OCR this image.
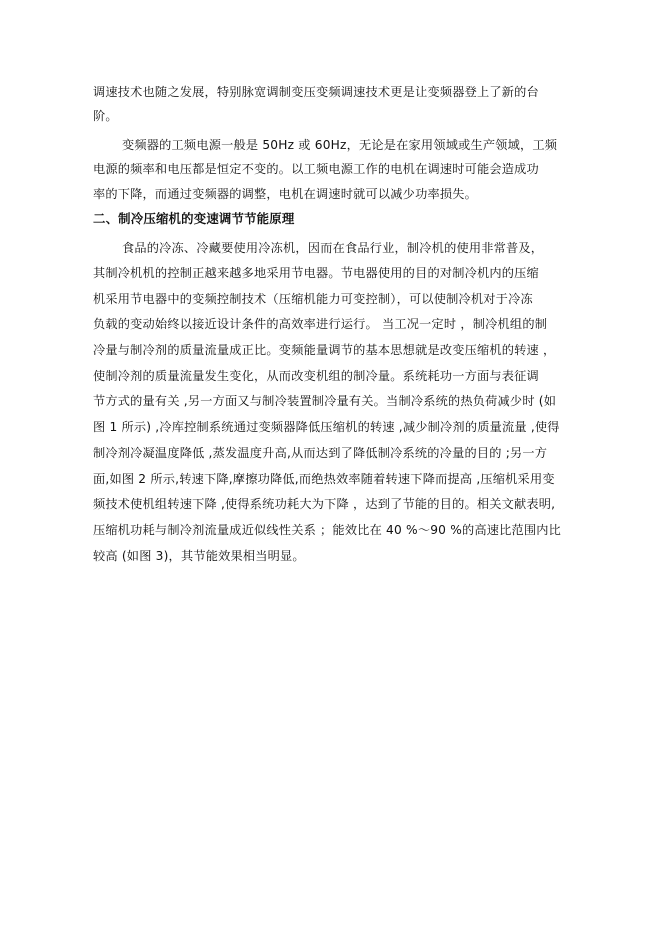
调速技术也随之发展，特别脉宽调制变压变频调速技术更是让变频器登上了新的台
阶。
变频器的工频电源一般是 50Hz 或 60Hz，无论是在家用领域或生产领域，工频
电源的频率和电压都是恒定不变的。以工频电源工作的电机在调速时可能会造成功
率的下降，而通过变频器的调整，电机在调速时就可以减少功率损失。
二、制冷压缩机的变速调节节能原理
食品的冷冻、冷藏要使用冷冻机，因而在食品行业，制冷机的使用非常普及，
其制冷机机的控制正越来越多地采用节电器。节电器使用的目的对制冷机内的压缩
机采用节电器中的变频控制技术（压缩机能力可变控制），可以使制冷机对于冷冻
负载的变动始终以接近设计条件的高效率进行运行。 当工况一定时 ，制冷机组的制
冷量与制冷剂的质量流量成正比。变频能量调节的基本思想就是改变压缩机的转速 ，
使制冷剂的质量流量发生变化，从而改变机组的制冷量。系统耗功一方面与表征调
节方式的量有关 ,另一方面又与制冷装置制冷量有关。当制冷系统的热负荷减少时 (如
图 1 所示) ,冷库控制系统通过变频器降低压缩机的转速 ,减少制冷剂的质量流量 ,使得
制冷剂冷凝温度降低 ,蒸发温度升高,从而达到了降低制冷系统的冷量的目的 ;另一方
面,如图 2 所示,转速下降,摩擦功降低,而绝热效率随着转速下降而提高 ,压缩机采用变
频技术使机组转速下降 ,使得系统功耗大为下降 ，达到了节能的目的。相关文献表明,
压缩机功耗与制冷剂流量成近似线性关系 ；能效比在 40 %～90 %的高速比范围内比
较高 (如图 3)，其节能效果相当明显。
